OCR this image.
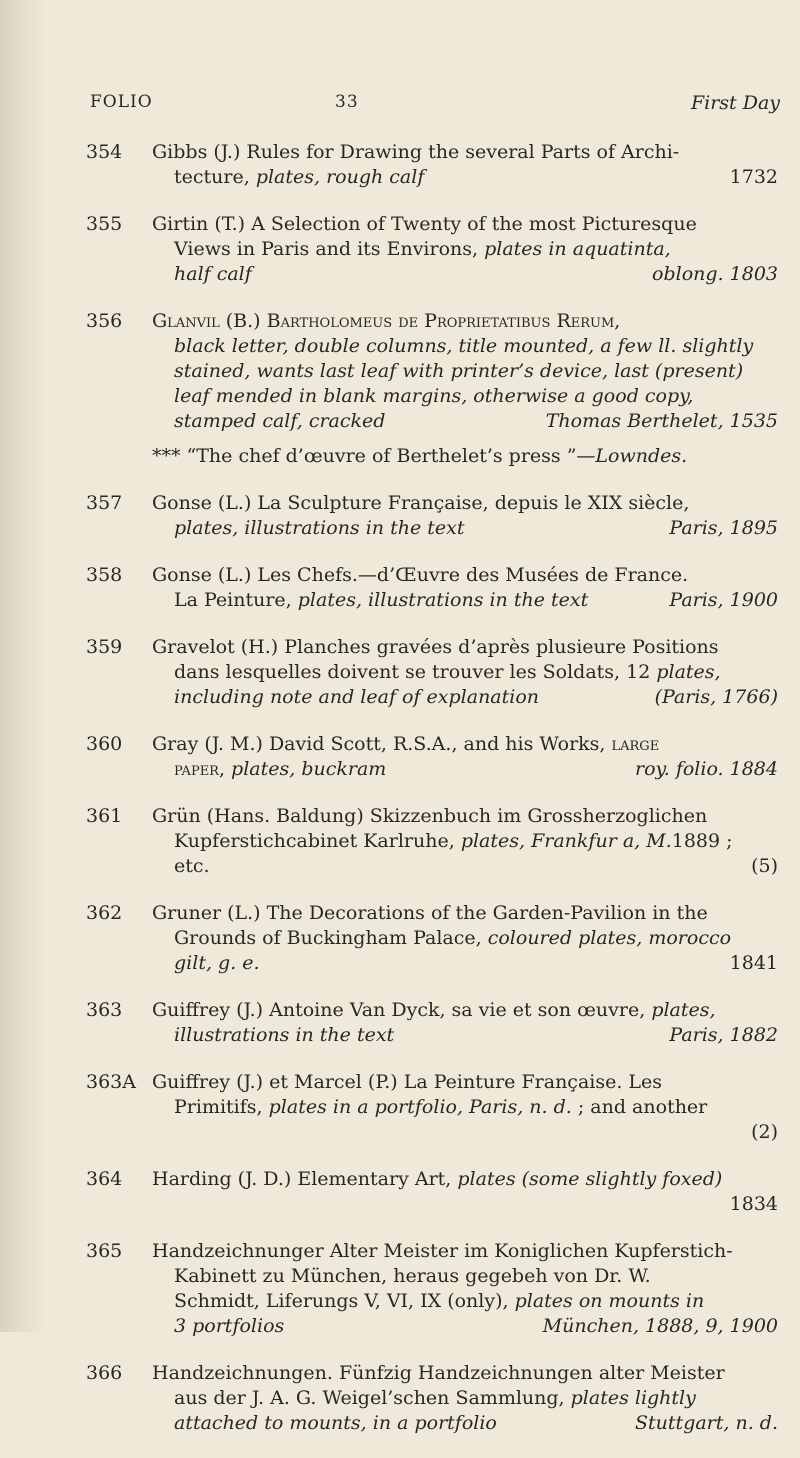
FOLIO	33	First Day
354	Gibbs (J.) Rules for Drawing the several Parts of Archi-
tecture, plates, rough calf	1732
355	Girtin (T.) A Selection of Twenty of the most Picturesque
Views in Paris and its Environs, plates in aquatinta,
half calf	oblong. 1803
356	Glanvil (B.) Bartholomeus de Proprietatibus Rerum,
black letter, double columns, title mounted, a few ll. slightly
stained, wants last leaf with printer’s device, last (present)
leaf mended in blank margins, otherwise a good copy,
stamped calf, cracked	Thomas Berthelet, 1535
*** “The chef d’œuvre of Berthelet’s press ”—Lowndes.
357	Gonse (L.) La Sculpture Française, depuis le XIX siècle,
plates, illustrations in the text	Paris, 1895
358	Gonse (L.) Les Chefs.—d’Œuvre des Musées de France.
La Peinture, plates, illustrations in the text	Paris, 1900
359	Gravelot (H.) Planches gravées d’après plusieure Positions
dans lesquelles doivent se trouver les Soldats, 12 plates,
including note and leaf of explanation	(Paris, 1766)
360	Gray (J. M.) David Scott, R.S.A., and his Works, large
paper, plates, buckram	roy. folio. 1884
361	Grün (Hans. Baldung) Skizzenbuch im Grossherzoglichen
Kupferstichcabinet Karlruhe, plates, Frankfur a, M.1889 ;
etc.	(5)
362	Gruner (L.) The Decorations of the Garden-Pavilion in the
Grounds of Buckingham Palace, coloured plates, morocco
gilt, g. e.	1841
363	Guiffrey (J.) Antoine Van Dyck, sa vie et son œuvre, plates,
illustrations in the text	Paris, 1882
363A Guiffrey (J.) et Marcel (P.) La Peinture Française. Les
Primitifs, plates in a portfolio, Paris, n. d. ; and another

(2)
364	Harding (J. D.) Elementary Art, plates (some slightly foxed)

1834
365	Handzeichnunger Alter Meister im Koniglichen Kupferstich-
Kabinett zu München, heraus gegebeh von Dr. W.
Schmidt, Liferungs V, VI, IX (only), plates on mounts in
3 portfolios	München, 1888, 9, 1900
366	Handzeichnungen. Fünfzig Handzeichnungen alter Meister
aus der J. A. G. Weigel’schen Sammlung, plates lightly
attached to mounts, in a portfolio	Stuttgart, n. d.
